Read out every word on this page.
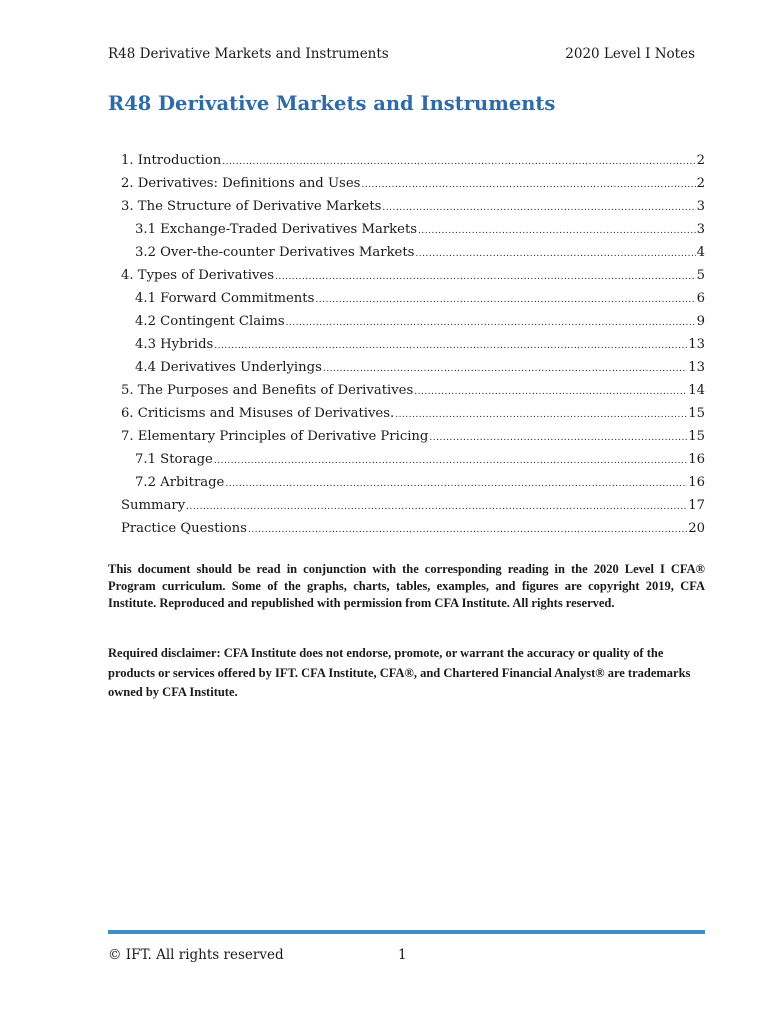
R48 Derivative Markets and Instruments	2020 Level I Notes
R48 Derivative Markets and Instruments
1. Introduction .....	2
2. Derivatives: Definitions and Uses .....	2
3. The Structure of Derivative Markets .....	3
3.1 Exchange-Traded Derivatives Markets .....	3
3.2 Over-the-counter Derivatives Markets .....	4
4. Types of Derivatives .....	5
4.1 Forward Commitments .....	6
4.2 Contingent Claims .....	9
4.3 Hybrids .....	13
4.4 Derivatives Underlyings .....	13
5. The Purposes and Benefits of Derivatives .....	14
6. Criticisms and Misuses of Derivatives. .....	15
7. Elementary Principles of Derivative Pricing .....	15
7.1 Storage .....	16
7.2 Arbitrage .....	16
Summary .....	17
Practice Questions .....	20

This document should be read in conjunction with the corresponding reading in the 2020 Level I CFA® Program curriculum. Some of the graphs, charts, tables, examples, and figures are copyright 2019, CFA Institute. Reproduced and republished with permission from CFA Institute. All rights reserved.

Required disclaimer: CFA Institute does not endorse, promote, or warrant the accuracy or quality of the products or services offered by IFT. CFA Institute, CFA®, and Chartered Financial Analyst® are trademarks owned by CFA Institute.

© IFT. All rights reserved	1
